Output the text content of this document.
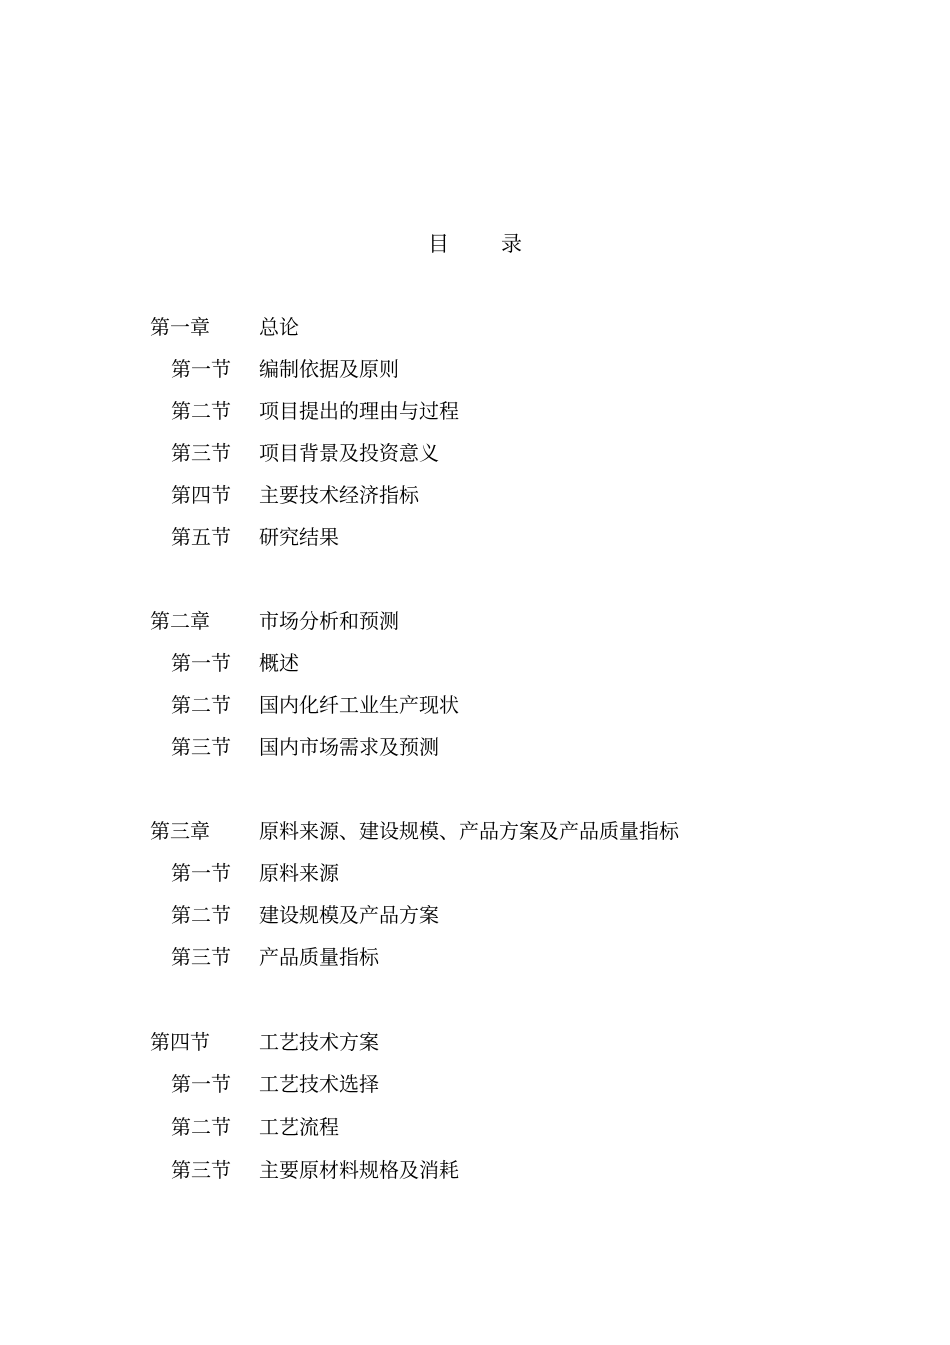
目 录
第一章 总论
第一节 编制依据及原则
第二节 项目提出的理由与过程
第三节 项目背景及投资意义
第四节 主要技术经济指标
第五节 研究结果
第二章 市场分析和预测
第一节 概述
第二节 国内化纤工业生产现状
第三节 国内市场需求及预测
第三章 原料来源、建设规模、产品方案及产品质量指标
第一节 原料来源
第二节 建设规模及产品方案
第三节 产品质量指标
第四节 工艺技术方案
第一节 工艺技术选择
第二节 工艺流程
第三节 主要原材料规格及消耗
